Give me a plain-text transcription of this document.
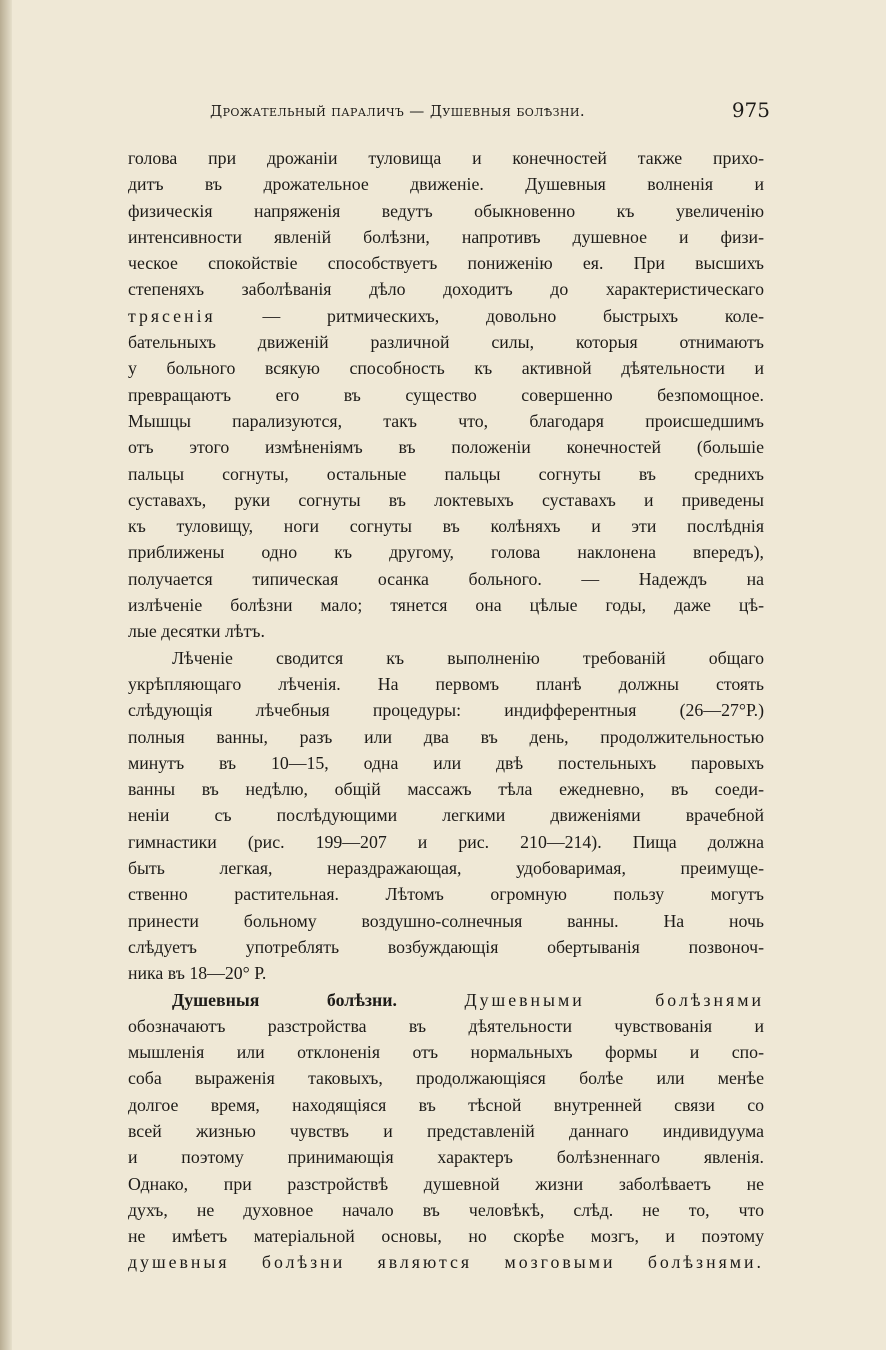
Дрожательный параличъ — Душевныя болѣзни.	975
голова при дрожаніи туловища и конечностей также прихо-
дитъ въ дрожательное движеніе. Душевныя волненія и
физическія напряженія ведутъ обыкновенно къ увеличенію
интенсивности явленій болѣзни, напротивъ душевное и физи-
ческое спокойствіе способствуетъ пониженію ея. При высшихъ
степеняхъ заболѣванія дѣло доходитъ до характеристическаго
трясенія — ритмическихъ, довольно быстрыхъ коле-
бательныхъ движеній различной силы, которыя отнимаютъ
у больного всякую способность къ активной дѣятельности и
превращаютъ его въ существо совершенно безпомощное.
Мышцы парализуются, такъ что, благодаря происшедшимъ
отъ этого измѣненіямъ въ положеніи конечностей (большіе
пальцы согнуты, остальные пальцы согнуты въ среднихъ
суставахъ, руки согнуты въ локтевыхъ суставахъ и приведены
къ туловищу, ноги согнуты въ колѣняхъ и эти послѣднія
приближены одно къ другому, голова наклонена впередъ),
получается типическая осанка больного. — Надеждъ на
излѣченіе болѣзни мало; тянется она цѣлые годы, даже цѣ-
лые десятки лѣтъ.
Лѣченіе сводится къ выполненію требованій общаго
укрѣпляющаго лѣченія. На первомъ планѣ должны стоять
слѣдующія лѣчебныя процедуры: индифферентныя (26—27°Р.)
полныя ванны, разъ или два въ день, продолжительностью
минутъ въ 10—15, одна или двѣ постельныхъ паровыхъ
ванны въ недѣлю, общій массажъ тѣла ежедневно, въ соеди-
неніи съ послѣдующими легкими движеніями врачебной
гимнастики (рис. 199—207 и рис. 210—214). Пища должна
быть легкая, нераздражающая, удобоваримая, преимуще-
ственно растительная. Лѣтомъ огромную пользу могутъ
принести больному воздушно-солнечныя ванны. На ночь
слѣдуетъ употреблять возбуждающія обертыванія позвоноч-
ника въ 18—20° Р.
Душевныя болѣзни.	Душевными болѣзнями
обозначаютъ разстройства въ дѣятельности чувствованія и
мышленія или отклоненія отъ нормальныхъ формы и спо-
соба выраженія таковыхъ, продолжающіяся болѣе или менѣе
долгое время, находящіяся въ тѣсной внутренней связи со
всей жизнью чувствъ и представленій даннаго индивидуума
и поэтому принимающія характеръ болѣзненнаго явленія.
Однако, при разстройствѣ душевной жизни заболѣваетъ не
духъ, не духовное начало въ человѣкѣ, слѣд. не то, что
не имѣетъ матеріальной основы, но скорѣе мозгъ, и поэтому
душевныя болѣзни являются мозговыми болѣзнями.
